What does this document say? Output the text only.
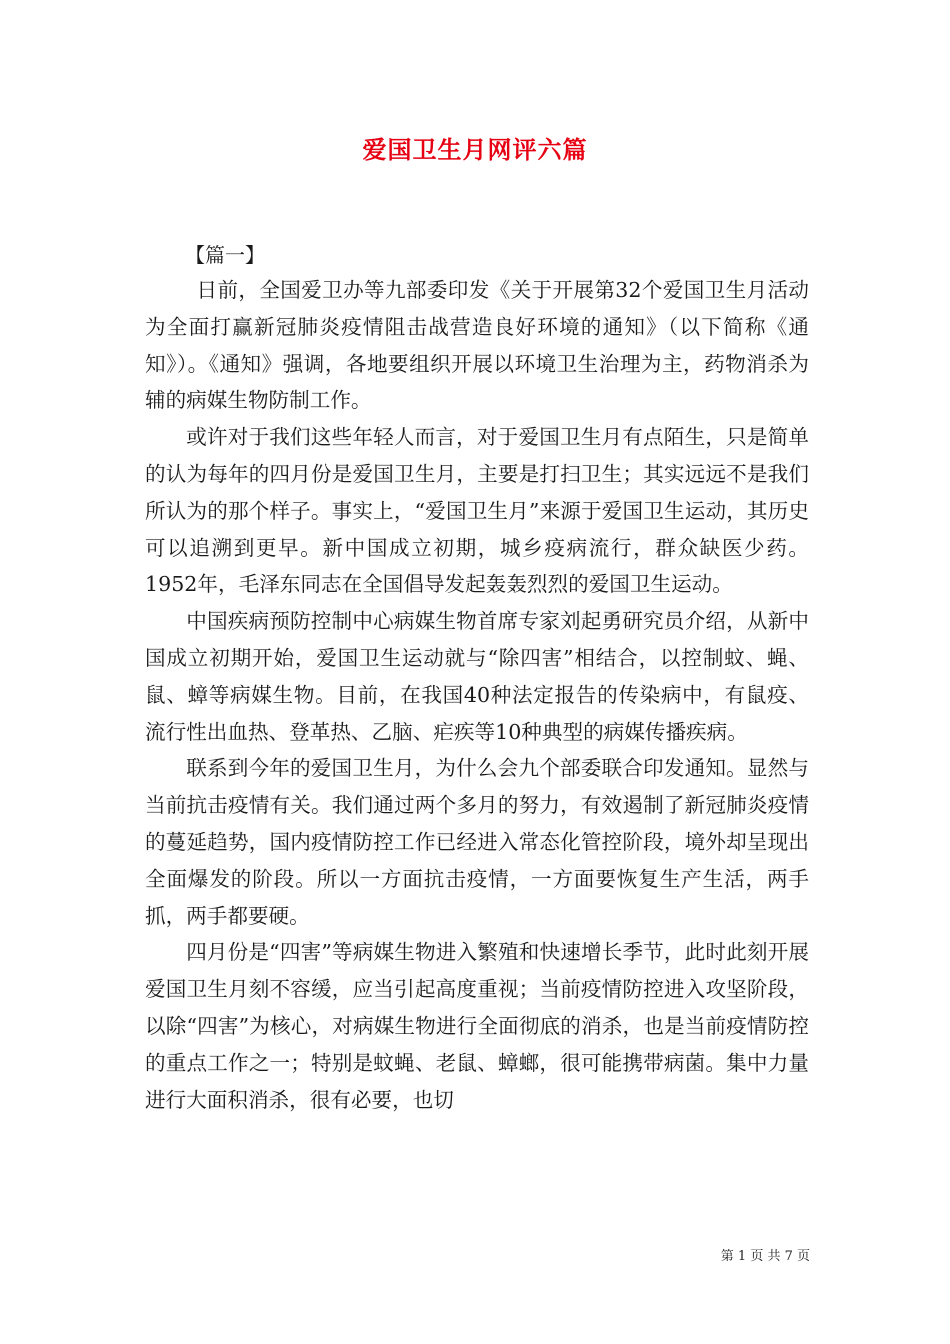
爱国卫生月网评六篇
【篇一】

日前，全国爱卫办等九部委印发《关于开展第32个爱国卫生月活动为全面打赢新冠肺炎疫情阻击战营造良好环境的通知》（以下简称《通知》）。《通知》强调，各地要组织开展以环境卫生治理为主，药物消杀为辅的病媒生物防制工作。

或许对于我们这些年轻人而言，对于爱国卫生月有点陌生，只是简单的认为每年的四月份是爱国卫生月，主要是打扫卫生；其实远远不是我们所认为的那个样子。事实上，“爱国卫生月”来源于爱国卫生运动，其历史可以追溯到更早。新中国成立初期，城乡疫病流行，群众缺医少药。1952年，毛泽东同志在全国倡导发起轰轰烈烈的爱国卫生运动。

中国疾病预防控制中心病媒生物首席专家刘起勇研究员介绍，从新中国成立初期开始，爱国卫生运动就与“除四害”相结合，以控制蚊、蝇、鼠、蟑等病媒生物。目前，在我国40种法定报告的传染病中，有鼠疫、流行性出血热、登革热、乙脑、疟疾等10种典型的病媒传播疾病。

联系到今年的爱国卫生月，为什么会九个部委联合印发通知。显然与当前抗击疫情有关。我们通过两个多月的努力，有效遏制了新冠肺炎疫情的蔓延趋势，国内疫情防控工作已经进入常态化管控阶段，境外却呈现出全面爆发的阶段。所以一方面抗击疫情，一方面要恢复生产生活，两手抓，两手都要硬。

四月份是“四害”等病媒生物进入繁殖和快速增长季节，此时此刻开展爱国卫生月刻不容缓，应当引起高度重视；当前疫情防控进入攻坚阶段，以除“四害”为核心，对病媒生物进行全面彻底的消杀，也是当前疫情防控的重点工作之一；特别是蚊蝇、老鼠、蟑螂，很可能携带病菌。集中力量进行大面积消杀，很有必要，也切

第 1 页 共 7 页
